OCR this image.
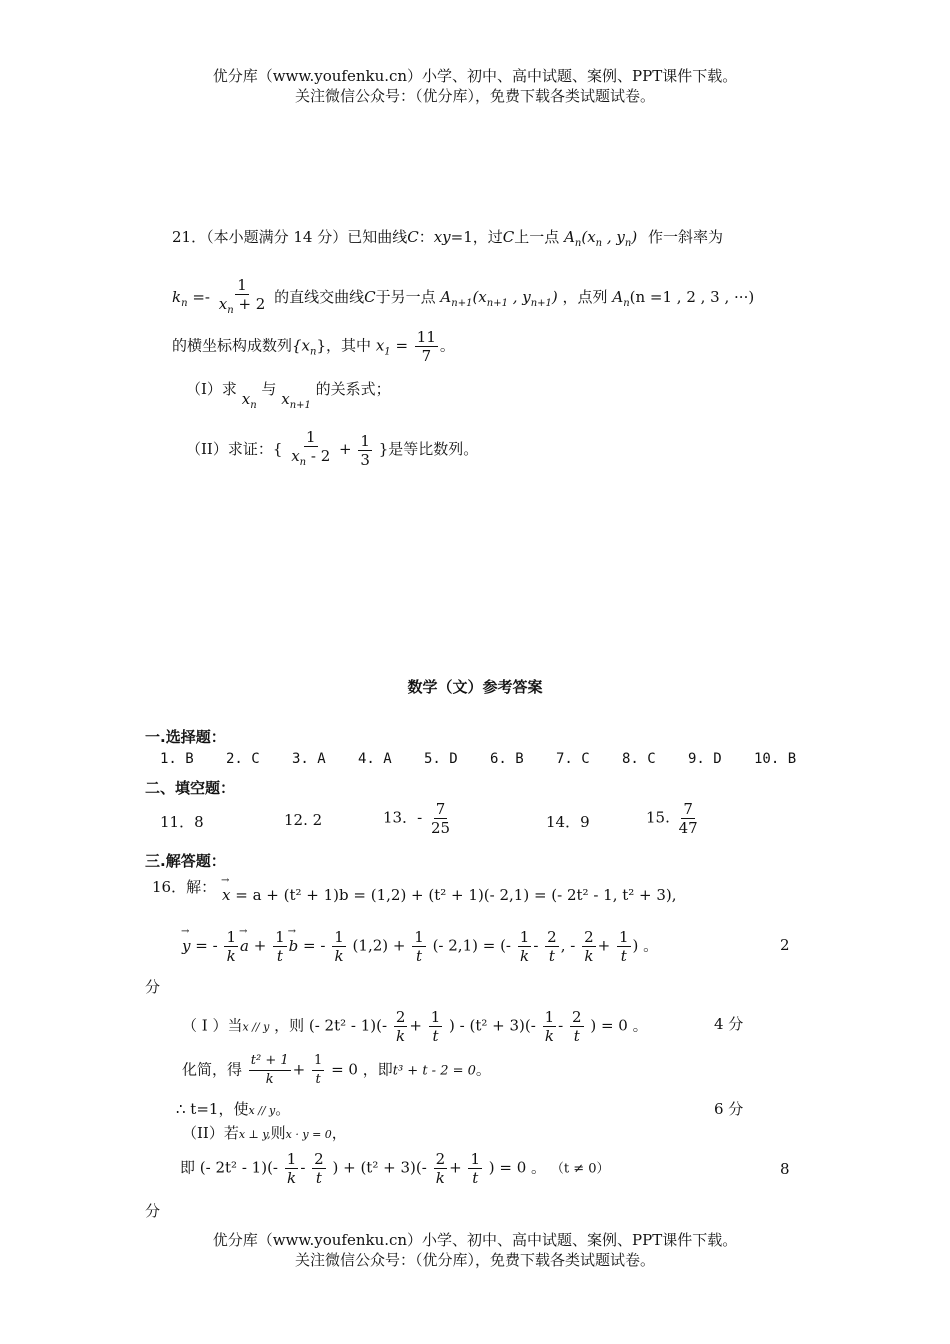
优分库（www.youfenku.cn）小学、初中、高中试题、案例、PPT课件下载。
关注微信公众号：（优分库），免费下载各类试题试卷。
21．（本小题满分 14 分）已知曲线C：xy=1，过C上一点 $A_n(x_n$ , $y_n$) 作一斜率为
$k_n =- \frac{1}{x_n + 2}$ 的直线交曲线C于另一点 $A_{n+1}(x_{n+1}$ , $y_{n+1}$) ，点列 $A_n(n =1$ , 2 , 3 , ···)
的横坐标构成数列$\{x_n\}$，其中 $x_1 = \frac{11}{7}$ 。
（I）求 $x_n$ 与 $x_{n+1}$ 的关系式；
（II）求证：{ $\frac{1}{x_n - 2} + \frac{1}{3}$ }是等比数列。
数学（文）参考答案
一.选择题：
1. B 2. C 3. A 4. A 5. D 6. B 7. C 8. C 9. D 10. B
二、填空题：
11．8	12. 2	13．- $\frac{7}{25}$	14．9	15. $\frac{7}{47}$
三.解答题：
16．解：
→ x = a + (t² + 1)b = (1,2) + (t² + 1)(- 2,1) = (- 2t² - 1, t² + 3),
→ y = - $\frac{1}{k}$
→ $a + \frac{1}{t}$
→ b = - $\frac{1}{k} (1,2) + \frac{1}{t}$ (- 2,1) = (- $\frac{1}{k} - \frac{2}{t}$ , - $\frac{2}{k} + \frac{1}{t}$ ) 。	2
分
（ I ）当x // y ，则 (- $2t^2 - 1)(- \frac{2}{k} + \frac{1}{t}$ ) - $(t^2 + 3)(- \frac{1}{k} - \frac{2}{t}$ ) = 0 。	4 分
化简，得 $\frac{\text{t² + 1}}{k} + \frac{1}{t} = 0$ ，即t³ + t - 2 = 0。
∴ t=1，使x // y。	6 分
（II）若x ⊥ y,则x · y = 0，
即 (- $2t^2 - 1)(- \frac{1}{k} - \frac{2}{t}$ ) + $(t^2 + 3)(- \frac{2}{k} + \frac{1}{t}$ ) = 0 。 （t ≠ 0）	8
分
优分库（www.youfenku.cn）小学、初中、高中试题、案例、PPT课件下载。
关注微信公众号：（优分库），免费下载各类试题试卷。
